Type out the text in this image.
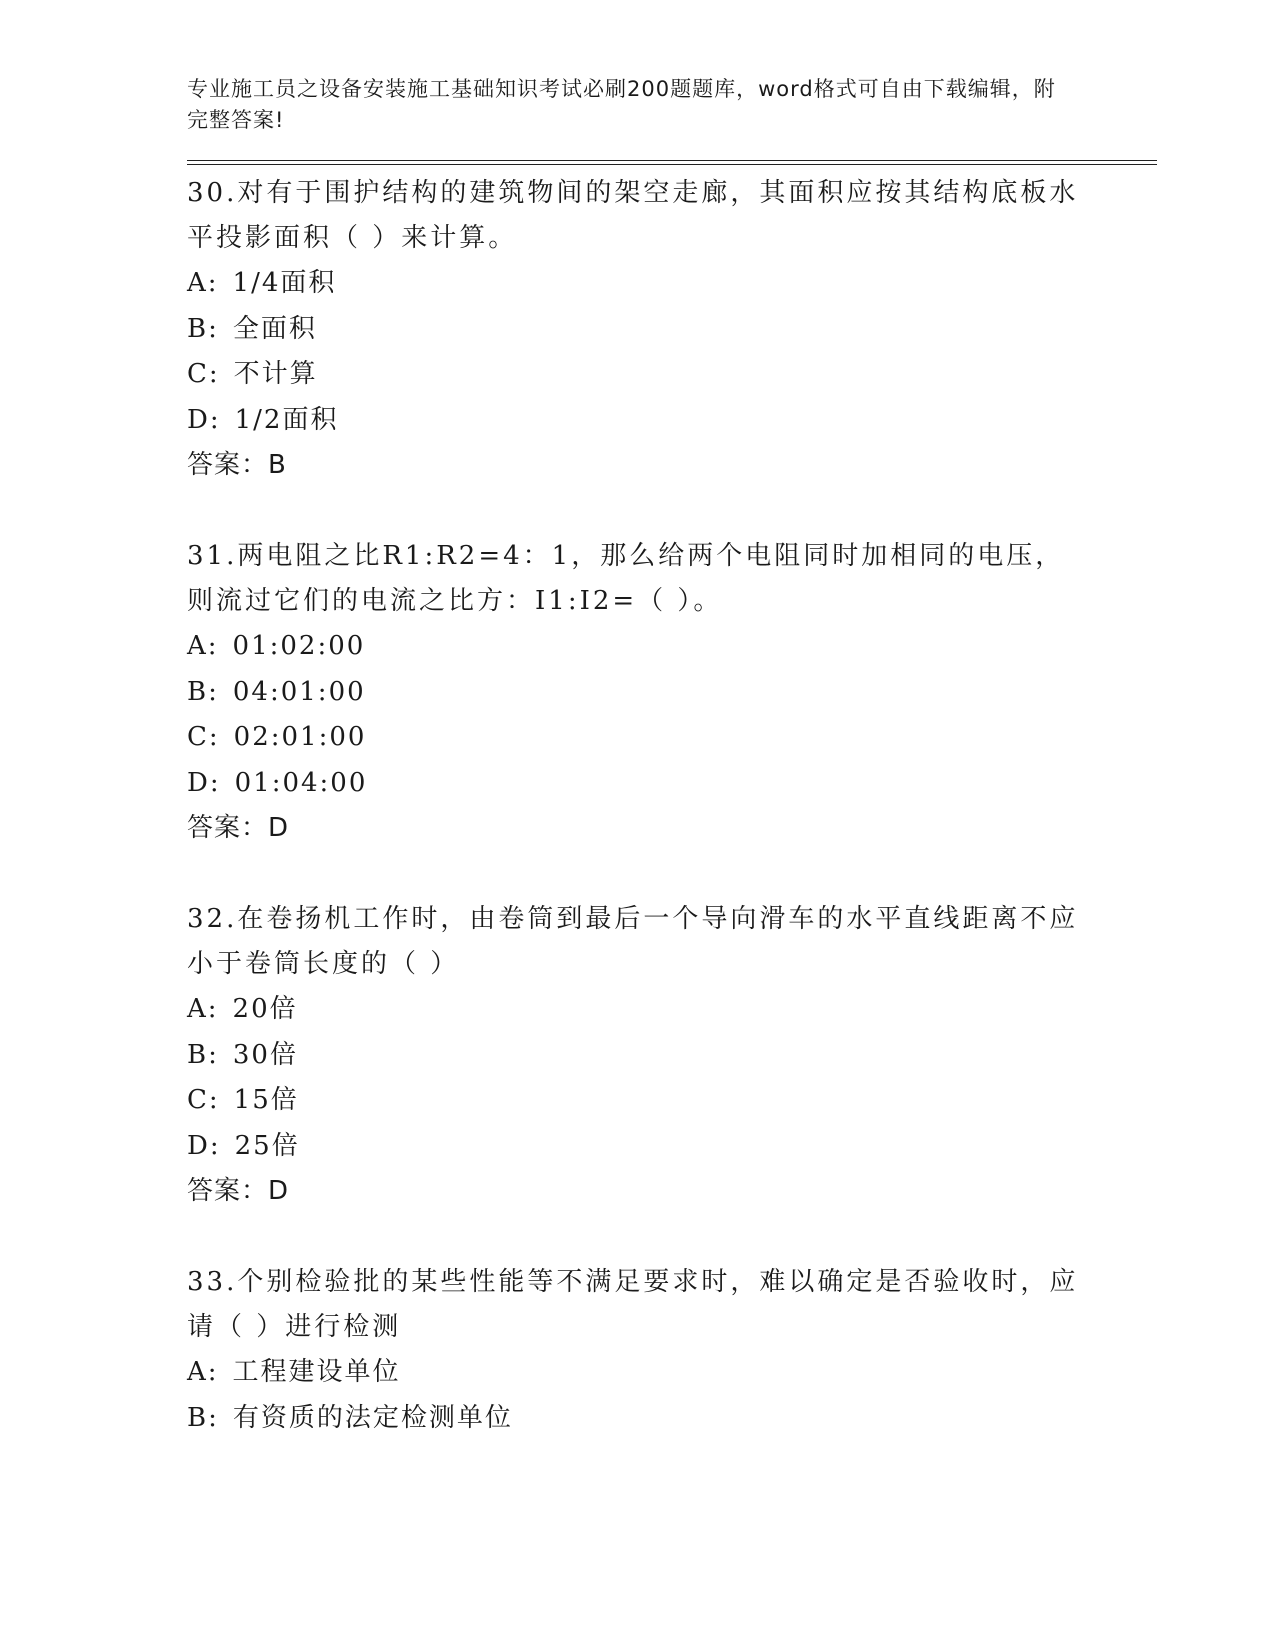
专业施工员之设备安装施工基础知识考试必刷200题题库，word格式可自由下载编辑，附完整答案!
30.对有于围护结构的建筑物间的架空走廊，其面积应按其结构底板水平投影面积（ ）来计算。
A: 1/4面积
B: 全面积
C: 不计算
D: 1/2面积
答案：B
31.两电阻之比R1:R2=4：1，那么给两个电阻同时加相同的电压，则流过它们的电流之比方：I1:I2=（ ）。
A: 01:02:00
B: 04:01:00
C: 02:01:00
D: 01:04:00
答案：D
32.在卷扬机工作时，由卷筒到最后一个导向滑车的水平直线距离不应小于卷筒长度的（ ）
A: 20倍
B: 30倍
C: 15倍
D: 25倍
答案：D
33.个别检验批的某些性能等不满足要求时，难以确定是否验收时，应请（ ）进行检测
A: 工程建设单位
B: 有资质的法定检测单位
